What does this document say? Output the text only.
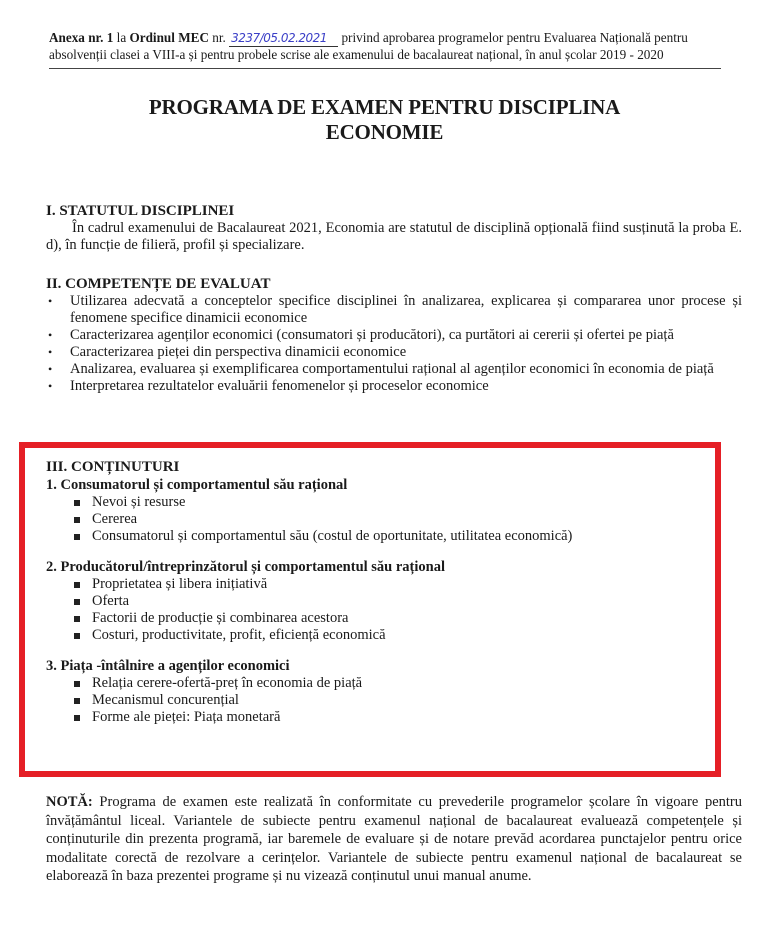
Anexa nr. 1 la Ordinul MEC nr. 3237/05.02.2021 privind aprobarea programelor pentru Evaluarea Națională pentru
absolvenții clasei a VIII-a și pentru probele scrise ale examenului de bacalaureat național, în anul școlar 2019 - 2020
PROGRAMA DE EXAMEN PENTRU DISCIPLINA
ECONOMIE
I. STATUTUL DISCIPLINEI
În cadrul examenului de Bacalaureat 2021, Economia are statutul de disciplină opțională fiind susținută la proba E. d), în funcție de filieră, profil și specializare.
II. COMPETENȚE DE EVALUAT
• Utilizarea adecvată a conceptelor specifice disciplinei în analizarea, explicarea și compararea unor procese și fenomene specifice dinamicii economice
• Caracterizarea agenților economici (consumatori și producători), ca purtători ai cererii și ofertei pe piață
• Caracterizarea pieței din perspectiva dinamicii economice
• Analizarea, evaluarea și exemplificarea comportamentului rațional al agenților economici în economia de piață
• Interpretarea rezultatelor evaluării fenomenelor și proceselor economice
III. CONȚINUTURI
1. Consumatorul și comportamentul său rațional
Nevoi și resurse
Cererea
Consumatorul și comportamentul său (costul de oportunitate, utilitatea economică)
2. Producătorul/întreprinzătorul și comportamentul său rațional
Proprietatea și libera inițiativă
Oferta
Factorii de producție și combinarea acestora
Costuri, productivitate, profit, eficiență economică
3. Piața -întâlnire a agenților economici
Relația cerere-ofertă-preț în economia de piață
Mecanismul concurențial
Forme ale pieței: Piața monetară
NOTĂ: Programa de examen este realizată în conformitate cu prevederile programelor școlare în vigoare pentru învățământul liceal. Variantele de subiecte pentru examenul național de bacalaureat evaluează competențele și conținuturile din prezenta programă, iar baremele de evaluare și de notare prevăd acordarea punctajelor pentru orice modalitate corectă de rezolvare a cerințelor. Variantele de subiecte pentru examenul național de bacalaureat se elaborează în baza prezentei programe și nu vizează conținutul unui manual anume.
